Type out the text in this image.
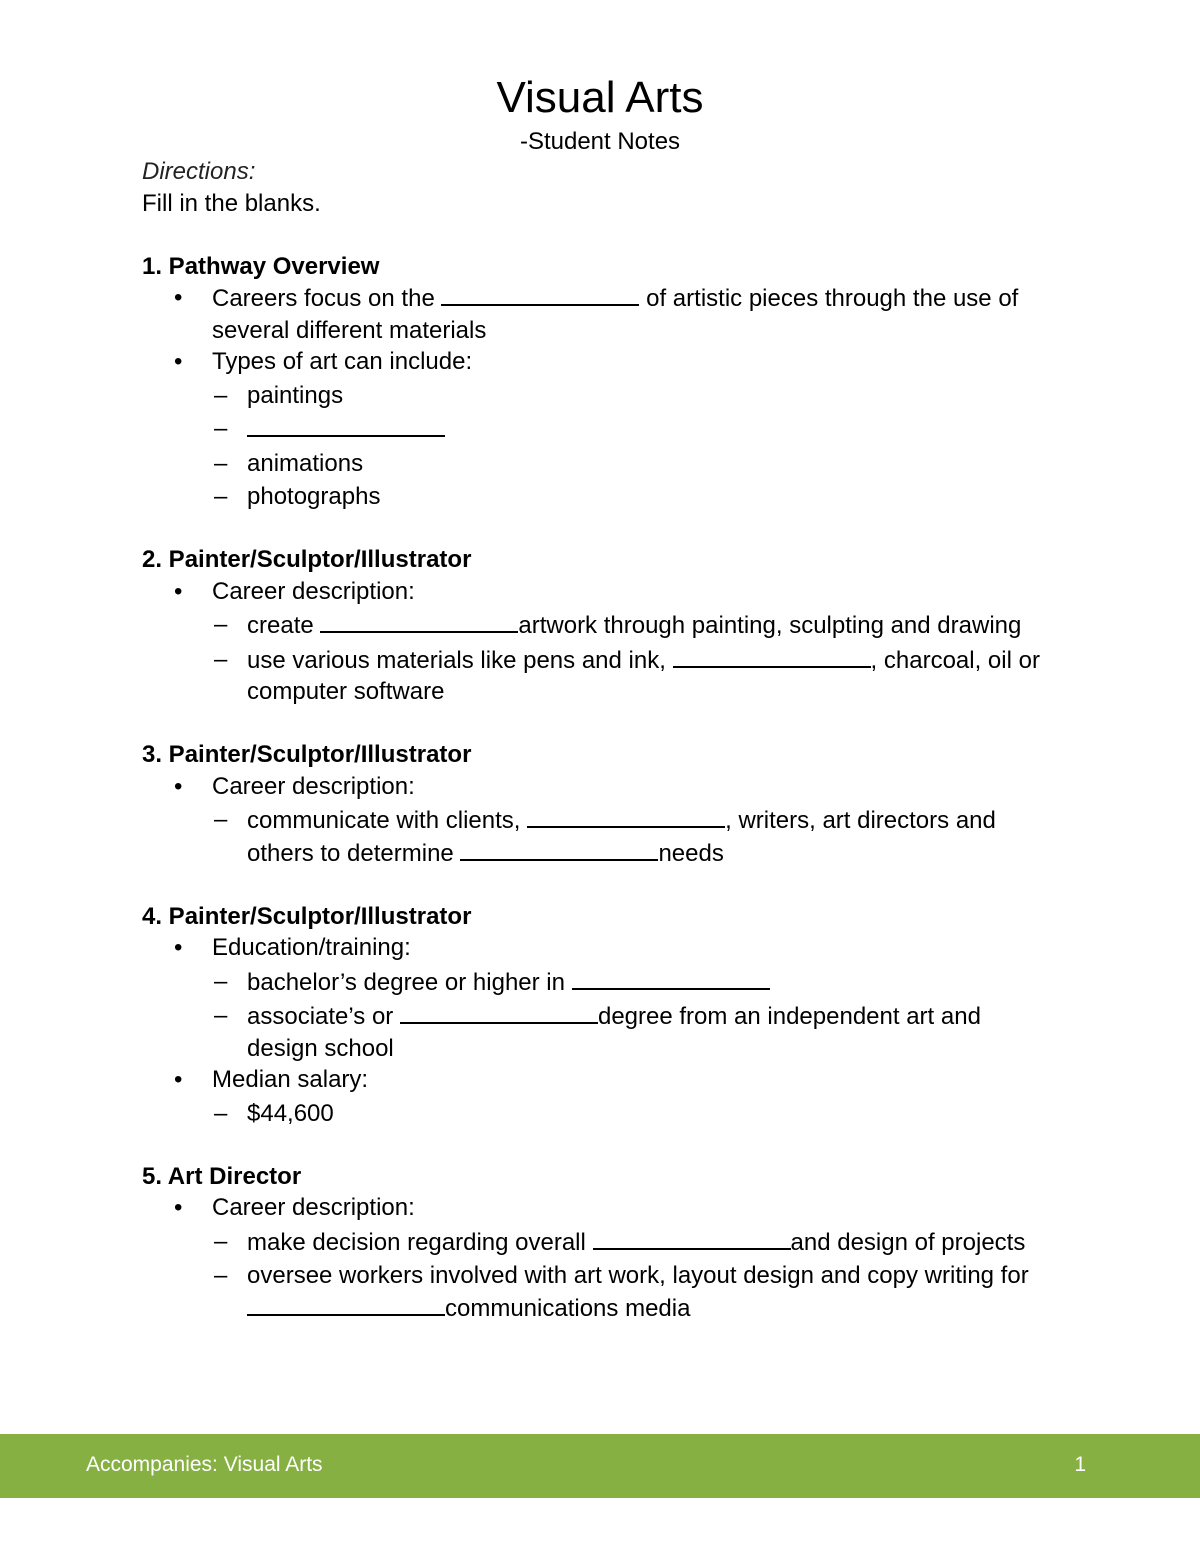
Visual Arts
-Student Notes
Directions:
Fill in the blanks.
1. Pathway Overview
• Careers focus on the	of artistic pieces through the use of several different materials
• Types of art can include:
– paintings
–
– animations
– photographs
2. Painter/Sculptor/Illustrator
• Career description:
– create	artwork through painting, sculpting and drawing
– use various materials like pens and ink,	, charcoal, oil or computer software
3. Painter/Sculptor/Illustrator
• Career description:
– communicate with clients,	, writers, art directors and others to determine	needs
4. Painter/Sculptor/Illustrator
• Education/training:
– bachelor’s degree or higher in
– associate’s or	degree from an independent art and design school
• Median salary:
– $44,600
5. Art Director
• Career description:
– make decision regarding overall	and design of projects
– oversee workers involved with art work, layout design and copy writing for communications media
Accompanies: Visual Arts	1
